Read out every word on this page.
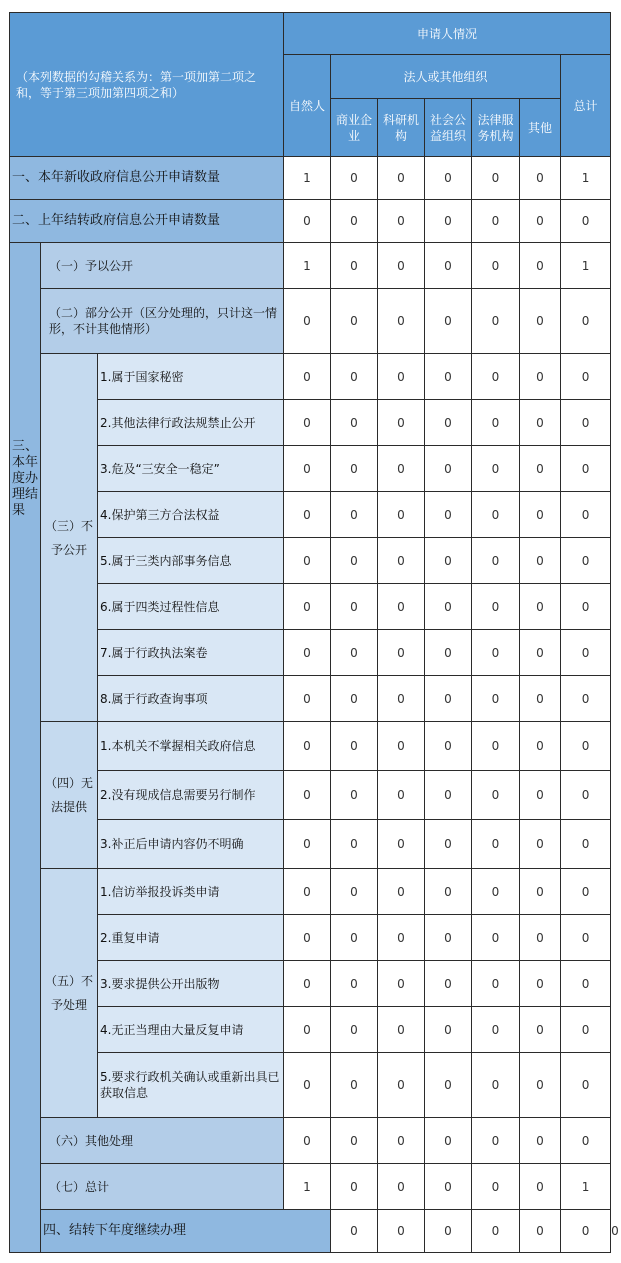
（本列数据的勾稽关系为：第一项加第二项之和，等于第三项加第四项之和）			申请人情况							
			自然人	法人或其他组织					总计	
				商业企业	科研机构	社会公益组织	法律服务机构	其他		
一、本年新收政府信息公开申请数量			1	0	0	0	0	0	1	
二、上年结转政府信息公开申请数量			0	0	0	0	0	0	0	
三、本年度办理结果	（一）予以公开		1	0	0	0	0	0	1	
	（二）部分公开（区分处理的，只计这一情形，不计其他情形）		0	0	0	0	0	0	0	
	（三）不予公开	1.属于国家秘密	0	0	0	0	0	0	0	
		2.其他法律行政法规禁止公开	0	0	0	0	0	0	0	
		3.危及“三安全一稳定”	0	0	0	0	0	0	0	
		4.保护第三方合法权益	0	0	0	0	0	0	0	
		5.属于三类内部事务信息	0	0	0	0	0	0	0	
		6.属于四类过程性信息	0	0	0	0	0	0	0	
		7.属于行政执法案卷	0	0	0	0	0	0	0	
		8.属于行政查询事项	0	0	0	0	0	0	0	
	（四）无法提供	1.本机关不掌握相关政府信息	0	0	0	0	0	0	0	
		2.没有现成信息需要另行制作	0	0	0	0	0	0	0	
		3.补正后申请内容仍不明确	0	0	0	0	0	0	0	
	（五）不予处理	1.信访举报投诉类申请	0	0	0	0	0	0	0	
		2.重复申请	0	0	0	0	0	0	0	
		3.要求提供公开出版物	0	0	0	0	0	0	0	
		4.无正当理由大量反复申请	0	0	0	0	0	0	0	
		5.要求行政机关确认或重新出具已获取信息	0	0	0	0	0	0	0	
	（六）其他处理		0	0	0	0	0	0	0	
	（七）总计		1	0	0	0	0	0	1	
	四、结转下年度继续办理			0	0	0	0	0	0	0
